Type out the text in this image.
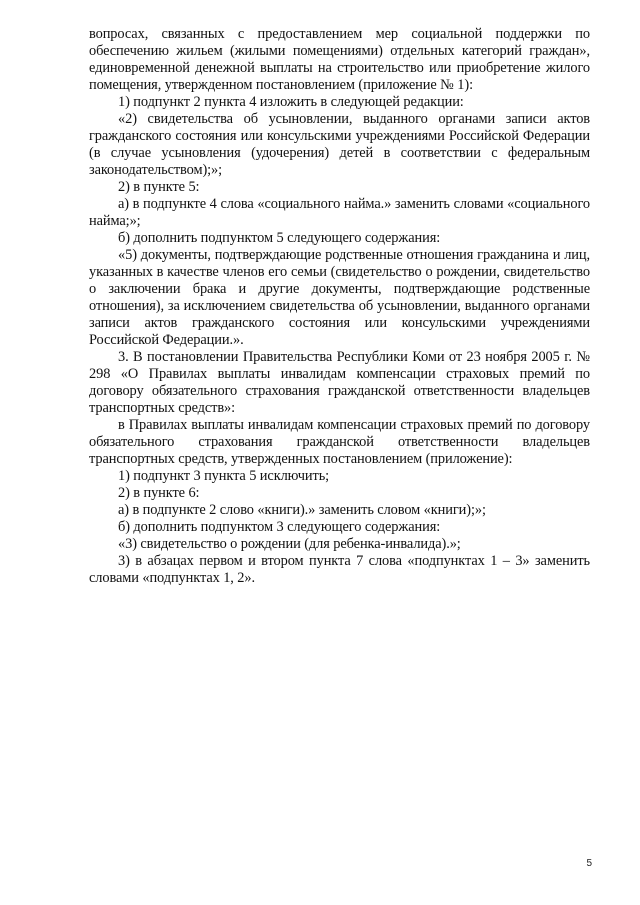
вопросах, связанных с предоставлением мер социальной поддержки по обеспечению жильем (жилыми помещениями) отдельных категорий граждан», единовременной денежной выплаты на строительство или приобретение жилого помещения, утвержденном постановлением (приложение № 1):

1) подпункт 2 пункта 4 изложить в следующей редакции:

«2) свидетельства об усыновлении, выданного органами записи актов гражданского состояния или консульскими учреждениями Российской Федерации (в случае усыновления (удочерения) детей в соответствии с федеральным законодательством);»;

2) в пункте 5:

а) в подпункте 4 слова «социального найма.» заменить словами «социального найма;»;

б) дополнить подпунктом 5 следующего содержания:

«5) документы, подтверждающие родственные отношения гражданина и лиц, указанных в качестве членов его семьи (свидетельство о рождении, свидетельство о заключении брака и другие документы, подтверждающие родственные отношения), за исключением свидетельства об усыновлении, выданного органами записи актов гражданского состояния или консульскими учреждениями Российской Федерации.».

3. В постановлении Правительства Республики Коми от 23 ноября 2005 г. № 298 «О Правилах выплаты инвалидам компенсации страховых премий по договору обязательного страхования гражданской ответственности владельцев транспортных средств»:

в Правилах выплаты инвалидам компенсации страховых премий по договору обязательного страхования гражданской ответственности владельцев транспортных средств, утвержденных постановлением (приложение):

1) подпункт 3 пункта 5 исключить;

2) в пункте 6:

а) в подпункте 2 слово «книги).» заменить словом «книги);»;

б) дополнить подпунктом 3 следующего содержания:

«3) свидетельство о рождении (для ребенка-инвалида).»;

3) в абзацах первом и втором пункта 7 слова «подпунктах 1 – 3» заменить словами «подпунктах 1, 2».

5
